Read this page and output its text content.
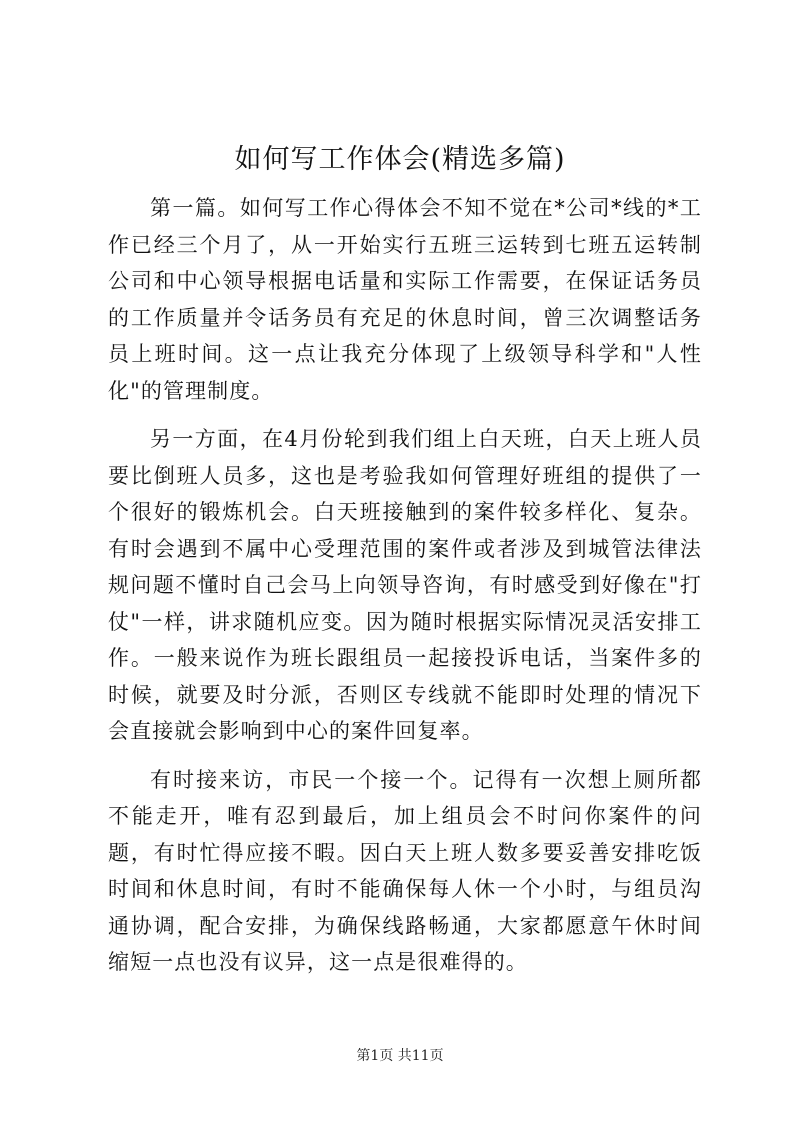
如何写工作体会(精选多篇)

第一篇。如何写工作心得体会不知不觉在*公司*线的*工作已经三个月了，从一开始实行五班三运转到七班五运转制公司和中心领导根据电话量和实际工作需要，在保证话务员的工作质量并令话务员有充足的休息时间，曾三次调整话务员上班时间。这一点让我充分体现了上级领导科学和"人性化"的管理制度。

另一方面，在4月份轮到我们组上白天班，白天上班人员要比倒班人员多，这也是考验我如何管理好班组的提供了一个很好的锻炼机会。白天班接触到的案件较多样化、复杂。有时会遇到不属中心受理范围的案件或者涉及到城管法律法规问题不懂时自己会马上向领导咨询，有时感受到好像在"打仗"一样，讲求随机应变。因为随时根据实际情况灵活安排工作。一般来说作为班长跟组员一起接投诉电话，当案件多的时候，就要及时分派，否则区专线就不能即时处理的情况下会直接就会影响到中心的案件回复率。

有时接来访，市民一个接一个。记得有一次想上厕所都不能走开，唯有忍到最后，加上组员会不时问你案件的问题，有时忙得应接不暇。因白天上班人数多要妥善安排吃饭时间和休息时间，有时不能确保每人休一个小时，与组员沟通协调，配合安排，为确保线路畅通，大家都愿意午休时间缩短一点也没有议异，这一点是很难得的。

第1页 共11页
